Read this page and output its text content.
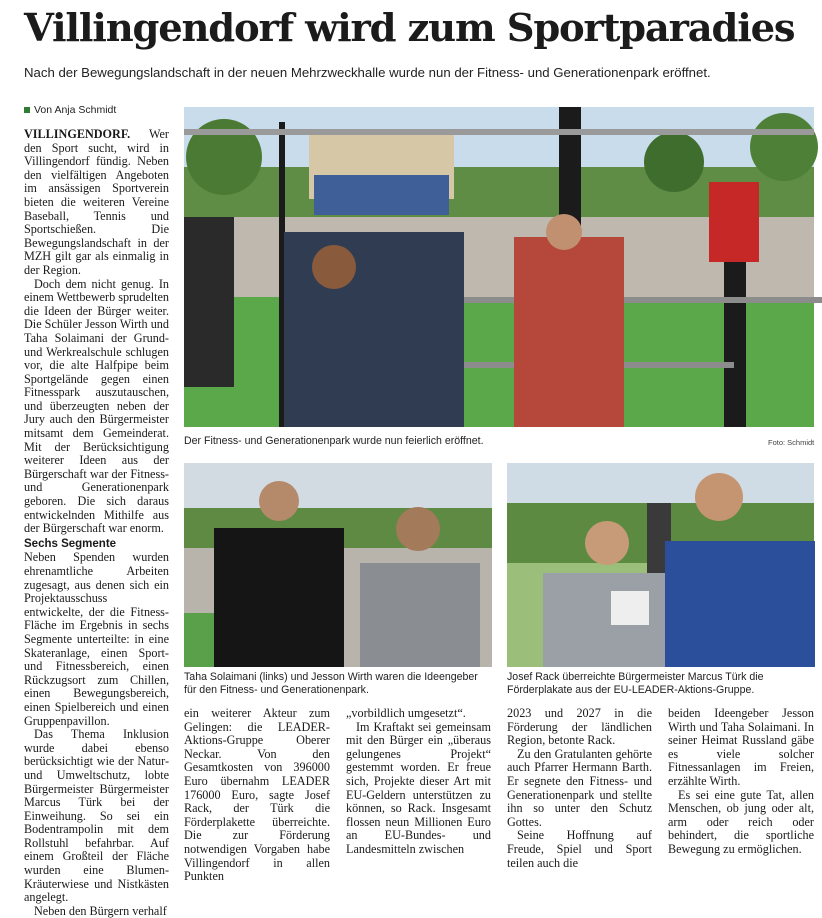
Villingendorf wird zum Sportparadies
Nach der Bewegungslandschaft in der neuen Mehrzweckhalle wurde nun der Fitness- und Generationenpark eröffnet.
Von Anja Schmidt

VILLINGENDORF. Wer den Sport sucht, wird in Villingendorf fündig. Neben den vielfältigen Angeboten im ansässigen Sportverein bieten die weiteren Vereine Baseball, Tennis und Sportschießen. Die Bewegungslandschaft in der MZH gilt gar als einmalig in der Region.

Doch dem nicht genug. In einem Wettbewerb sprudelten die Ideen der Bürger weiter. Die Schüler Jesson Wirth und Taha Solaimani der Grund- und Werkrealschule schlugen vor, die alte Halfpipe beim Sportgelände gegen einen Fitnesspark auszutauschen, und überzeugten neben der Jury auch den Bürgermeister mitsamt dem Gemeinderat. Mit der Berücksichtigung weiterer Ideen aus der Bürgerschaft war der Fitness- und Generationenpark geboren. Die sich daraus entwickelnden Mithilfe aus der Bürgerschaft war enorm.

Sechs Segmente

Neben Spenden wurden ehrenamtliche Arbeiten zugesagt, aus denen sich ein Projektausschuss entwickelte, der die Fitness-Fläche im Ergebnis in sechs Segmente unterteilte: in eine Skateranlage, einen Sport- und Fitnessbereich, einen Rückzugsort zum Chillen, einen Bewegungsbereich, einen Spielbereich und einen Gruppenpavillon.

Das Thema Inklusion wurde dabei ebenso berücksichtigt wie der Natur- und Umweltschutz, lobte Bürgermeister Bürgermeister Marcus Türk bei der Einweihung. So sei ein Bodentrampolin mit dem Rollstuhl befahrbar. Auf einem Großteil der Fläche wurden eine Blumen-Kräuterwiese und Nistkästen angelegt.

Neben den Bürgern verhalf

Der Fitness- und Generationenpark wurde nun feierlich eröffnet.	Foto: Schmidt
Taha Solaimani (links) und Jesson Wirth waren die Ideengeber für den Fitness- und Generationenpark.
Josef Rack überreichte Bürgermeister Marcus Türk die Förderplakate aus der EU-LEADER-Aktions-Gruppe.

ein weiterer Akteur zum Gelingen: die LEADER-Aktions-Gruppe Oberer Neckar. Von den Gesamtkosten von 396000 Euro übernahm LEADER 176000 Euro, sagte Josef Rack, der Türk die Förderplakette überreichte. Die zur Förderung notwendigen Vorgaben habe Villingendorf in allen Punkten

„vorbildlich umgesetzt“.

Im Kraftakt sei gemeinsam mit den Bürger ein „überaus gelungenes Projekt“ gestemmt worden. Er freue sich, Projekte dieser Art mit EU-Geldern unterstützen zu können, so Rack. Insgesamt flossen neun Millionen Euro an EU-Bundes- und Landesmitteln zwischen

2023 und 2027 in die Förderung der ländlichen Region, betonte Rack.

Zu den Gratulanten gehörte auch Pfarrer Hermann Barth. Er segnete den Fitness- und Generationenpark und stellte ihn so unter den Schutz Gottes.

Seine Hoffnung auf Freude, Spiel und Sport teilen auch die

beiden Ideengeber Jesson Wirth und Taha Solaimani. In seiner Heimat Russland gäbe es viele solcher Fitnessanlagen im Freien, erzählte Wirth.

Es sei eine gute Tat, allen Menschen, ob jung oder alt, arm oder reich oder behindert, die sportliche Bewegung zu ermöglichen.
